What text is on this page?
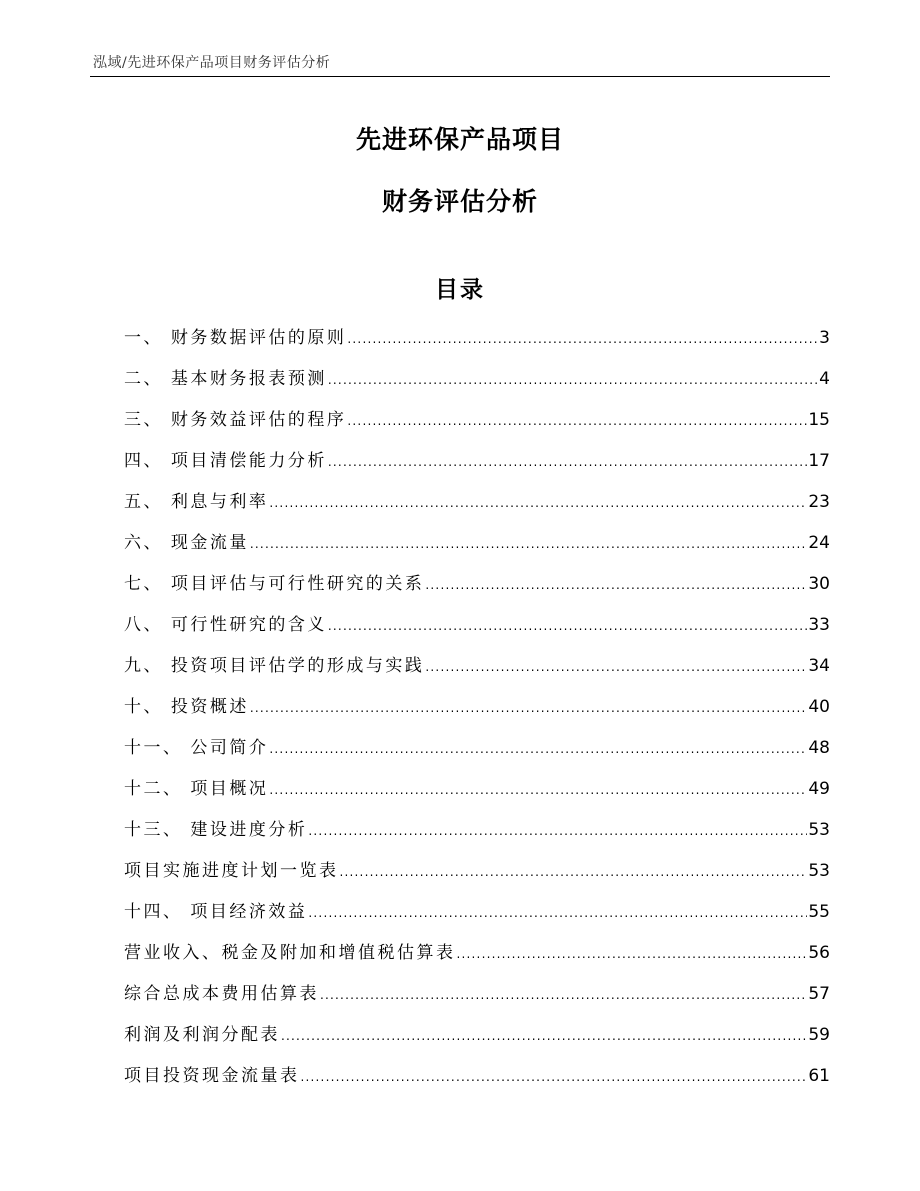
泓域/先进环保产品项目财务评估分析
先进环保产品项目
财务评估分析
目录
一、 财务数据评估的原则 .....	3
二、 基本财务报表预测 .....	4
三、 财务效益评估的程序 .....	15
四、 项目清偿能力分析 .....	17
五、 利息与利率 .....	23
六、 现金流量 .....	24
七、 项目评估与可行性研究的关系 .....	30
八、 可行性研究的含义 .....	33
九、 投资项目评估学的形成与实践 .....	34
十、 投资概述 .....	40
十一、 公司简介 .....	48
十二、 项目概况 .....	49
十三、 建设进度分析 .....	53
项目实施进度计划一览表 .....	53
十四、 项目经济效益 .....	55
营业收入、税金及附加和增值税估算表 .....	56
综合总成本费用估算表 .....	57
利润及利润分配表 .....	59
项目投资现金流量表 .....	61
